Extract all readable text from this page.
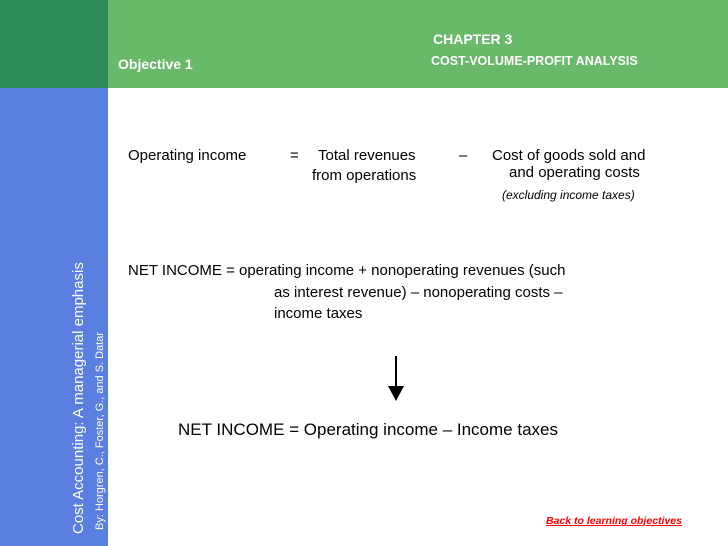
Objective 1
CHAPTER 3
COST-VOLUME-PROFIT ANALYSIS
Cost Accounting: A managerial emphasis By: Horgren, C., Foster, G., and S. Datar
Operating income	= Total revenues
from operations
– Cost of goods sold and
and operating costs
(excluding income taxes)
NET INCOME = operating income + nonoperating revenues (such
as interest revenue) – nonoperating costs –
income taxes
NET INCOME = Operating income – Income taxes
Back to learning objectives
